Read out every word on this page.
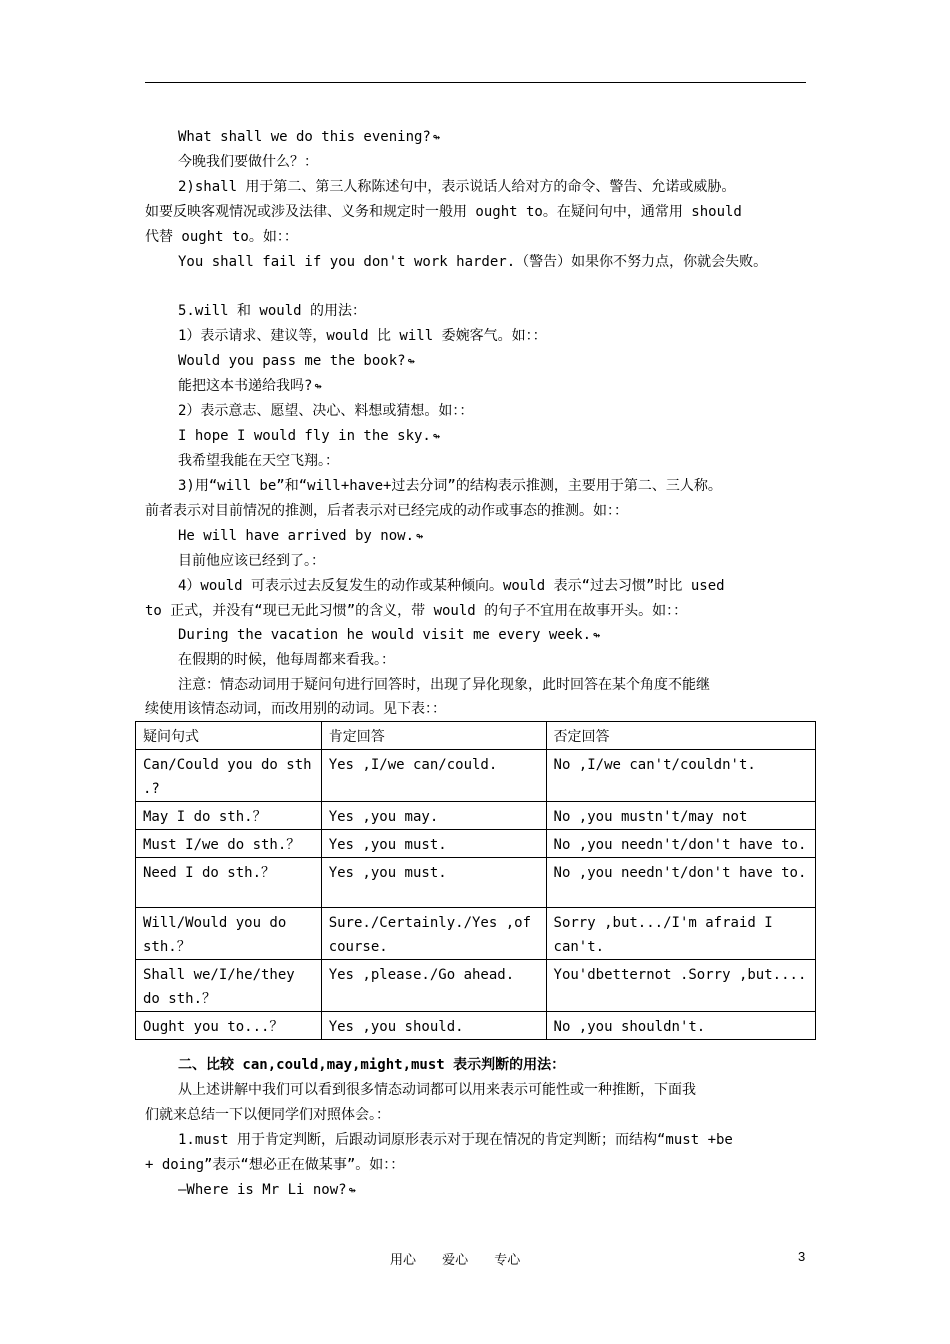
What shall we do this evening? ↬
今晚我们要做什么？：
2)shall 用于第二、第三人称陈述句中，表示说话人给对方的命令、警告、允诺或威胁。
如要反映客观情况或涉及法律、义务和规定时一般用 ought to。在疑问句中，通常用 should
代替 ought to。如：：
You shall fail if you don't work harder.（警告）如果你不努力点，你就会失败。
5.will 和 would 的用法：
1）表示请求、建议等，would 比 will 委婉客气。如：：
Would you pass me the book? ↬
能把这本书递给我吗? ↬
2）表示意志、愿望、决心、料想或猜想。如：：
I hope I would fly in the sky. ↬
我希望我能在天空飞翔。：
3)用“will be”和“will+have+过去分词”的结构表示推测，主要用于第二、三人称。
前者表示对目前情况的推测，后者表示对已经完成的动作或事态的推测。如：：
He will have arrived by now. ↬
目前他应该已经到了。：
4）would 可表示过去反复发生的动作或某种倾向。would 表示“过去习惯”时比 used
to 正式，并没有“现已无此习惯”的含义，带 would 的句子不宜用在故事开头。如：：
During the vacation he would visit me every week. ↬
在假期的时候，他每周都来看我。：
注意：情态动词用于疑问句进行回答时，出现了异化现象，此时回答在某个角度不能继
续使用该情态动词，而改用别的动词。见下表：：
疑问句式	肯定回答	否定回答
Can/Could you do sth .?	Yes ,I/we can/could.	No ,I/we can't/couldn't.
May I do sth.？	Yes ,you may.	No ,you mustn't/may not
Must I/we do sth.？	Yes ,you must.	No ,you needn't/don't have to.
Need I do sth.？	Yes ,you must.	No ,you needn't/don't have to.
Will/Would you do sth.？	Sure./Certainly./Yes ,of course.	Sorry ,but.../I'm afraid I can't.
Shall we/I/he/they do sth.？	Yes ,please./Go ahead.	You'dbetternot .Sorry ,but....
Ought you to...？	Yes ,you should.	No ,you shouldn't.
二、比较 can,could,may,might,must 表示判断的用法：
从上述讲解中我们可以看到很多情态动词都可以用来表示可能性或一种推断，下面我
们就来总结一下以便同学们对照体会。：
1.must 用于肯定判断，后跟动词原形表示对于现在情况的肯定判断；而结构“must +be
+ doing”表示“想必正在做某事”。如：：
—Where is Mr Li now? ↬
用心 爱心 专心	3
